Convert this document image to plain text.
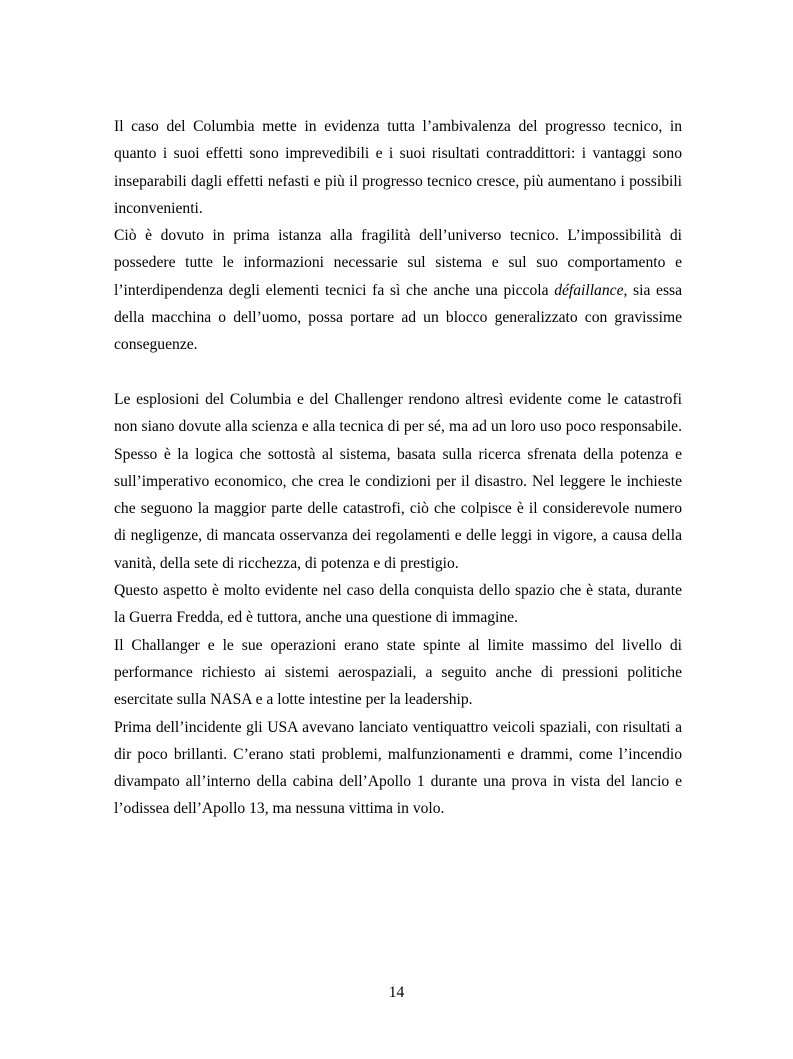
Il caso del Columbia mette in evidenza tutta l’ambivalenza del progresso tecnico, in quanto i suoi effetti sono imprevedibili e i suoi risultati contraddittori: i vantaggi sono inseparabili dagli effetti nefasti e più il progresso tecnico cresce, più aumentano i possibili inconvenienti.

Ciò è dovuto in prima istanza alla fragilità dell’universo tecnico. L’impossibilità di possedere tutte le informazioni necessarie sul sistema e sul suo comportamento e l’interdipendenza degli elementi tecnici fa sì che anche una piccola défaillance, sia essa della macchina o dell’uomo, possa portare ad un blocco generalizzato con gravissime conseguenze.

Le esplosioni del Columbia e del Challenger rendono altresì evidente come le catastrofi non siano dovute alla scienza e alla tecnica di per sé, ma ad un loro uso poco responsabile. Spesso è la logica che sottostà al sistema, basata sulla ricerca sfrenata della potenza e sull’imperativo economico, che crea le condizioni per il disastro. Nel leggere le inchieste che seguono la maggior parte delle catastrofi, ciò che colpisce è il considerevole numero di negligenze, di mancata osservanza dei regolamenti e delle leggi in vigore, a causa della vanità, della sete di ricchezza, di potenza e di prestigio.

Questo aspetto è molto evidente nel caso della conquista dello spazio che è stata, durante la Guerra Fredda, ed è tuttora, anche una questione di immagine.

Il Challanger e le sue operazioni erano state spinte al limite massimo del livello di performance richiesto ai sistemi aerospaziali, a seguito anche di pressioni politiche esercitate sulla NASA e a lotte intestine per la leadership.

Prima dell’incidente gli USA avevano lanciato ventiquattro veicoli spaziali, con risultati a dir poco brillanti. C’erano stati problemi, malfunzionamenti e drammi, come l’incendio divampato all’interno della cabina dell’Apollo 1 durante una prova in vista del lancio e l’odissea dell’Apollo 13, ma nessuna vittima in volo.

14
